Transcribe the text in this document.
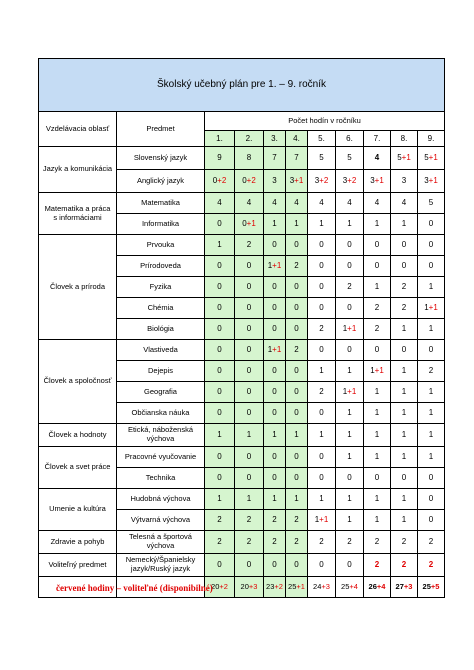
Školský učebný plán pre 1. – 9. ročník										
Vzdelávacia oblasť	Predmet	Počet hodín v ročníku								
		1.	2.	3.	4.	5.	6.	7.	8.	9.
Jazyk a komunikácia	Slovenský jazyk	9	8	7	7	5	5	4	5+1	5+1
	Anglický jazyk	0+2	0+2	3	3+1	3+2	3+2	3+1	3	3+1
Matematika a práca s informáciami	Matematika	4	4	4	4	4	4	4	4	5
	Informatika	0	0+1	1	1	1	1	1	1	0
Človek a príroda	Prvouka	1	2	0	0	0	0	0	0	0
	Prírodoveda	0	0	1+1	2	0	0	0	0	0
	Fyzika	0	0	0	0	0	2	1	2	1
	Chémia	0	0	0	0	0	0	2	2	1+1
	Biológia	0	0	0	0	2	1+1	2	1	1
Človek a spoločnosť	Vlastiveda	0	0	1+1	2	0	0	0	0	0
	Dejepis	0	0	0	0	1	1	1+1	1	2
	Geografia	0	0	0	0	2	1+1	1	1	1
	Občianska náuka	0	0	0	0	0	1	1	1	1
Človek a hodnoty	Etická, náboženská výchova	1	1	1	1	1	1	1	1	1
Človek a svet práce	Pracovné vyučovanie	0	0	0	0	0	1	1	1	1
	Technika	0	0	0	0	0	0	0	0	0
Umenie a kultúra	Hudobná výchova	1	1	1	1	1	1	1	1	0
	Výtvarná výchova	2	2	2	2	1+1	1	1	1	0
Zdravie a pohyb	Telesná a športová výchova	2	2	2	2	2	2	2	2	2
Voliteľný predmet	Nemecký/Španielsky jazyk/Ruský jazyk	0	0	0	0	0	0	2	2	2
		20+2	20+3	23+2	25+1	24+3	25+4	26+4	27+3	25+5
červené hodiny – voliteľné (disponibilné)
